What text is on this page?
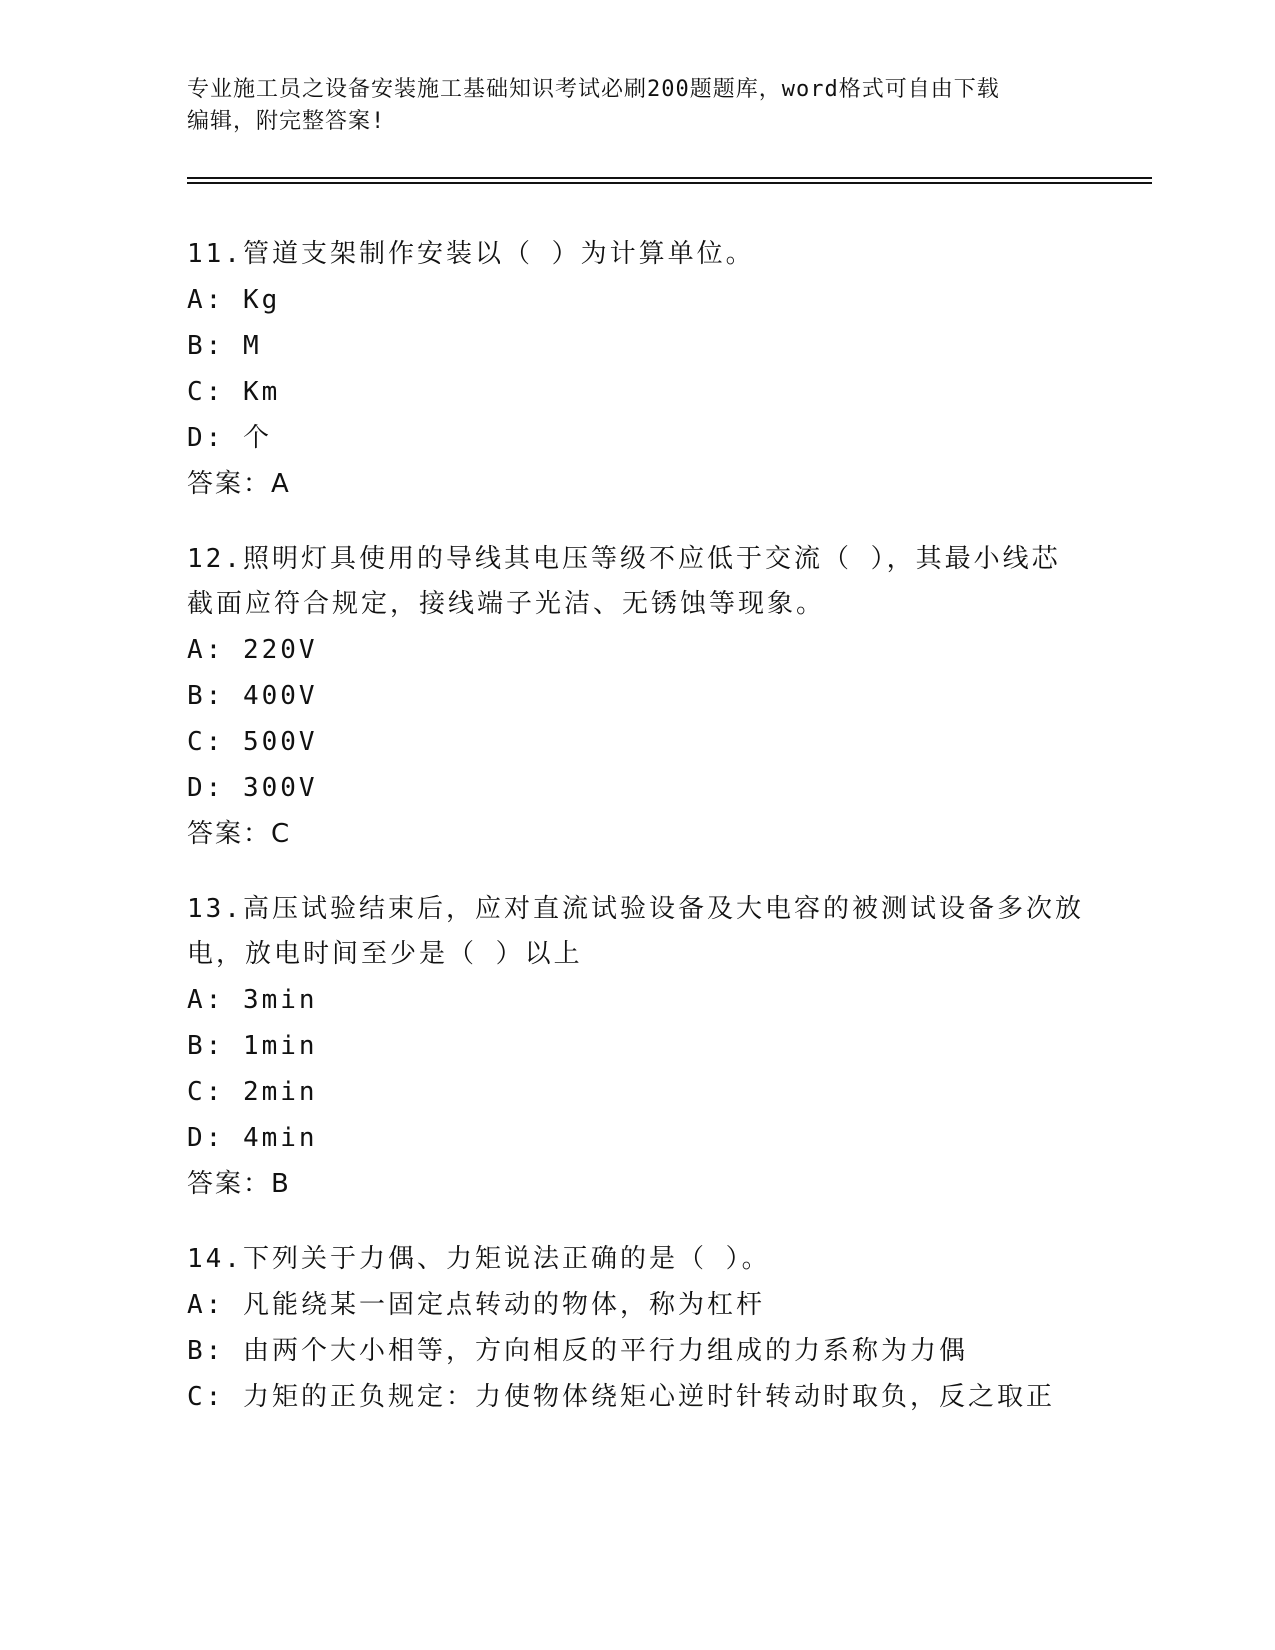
专业施工员之设备安装施工基础知识考试必刷200题题库，word格式可自由下载
编辑，附完整答案!
11.管道支架制作安装以（ ）为计算单位。
A: Kg
B: M
C: Km
D: 个
答案：A
12.照明灯具使用的导线其电压等级不应低于交流（ ），其最小线芯截面应符合规定，接线端子光洁、无锈蚀等现象。
A: 220V
B: 400V
C: 500V
D: 300V
答案：C
13.高压试验结束后，应对直流试验设备及大电容的被测试设备多次放电，放电时间至少是（ ）以上
A: 3min
B: 1min
C: 2min
D: 4min
答案：B
14.下列关于力偶、力矩说法正确的是（ ）。
A: 凡能绕某一固定点转动的物体，称为杠杆
B: 由两个大小相等，方向相反的平行力组成的力系称为力偶
C: 力矩的正负规定：力使物体绕矩心逆时针转动时取负，反之取正
